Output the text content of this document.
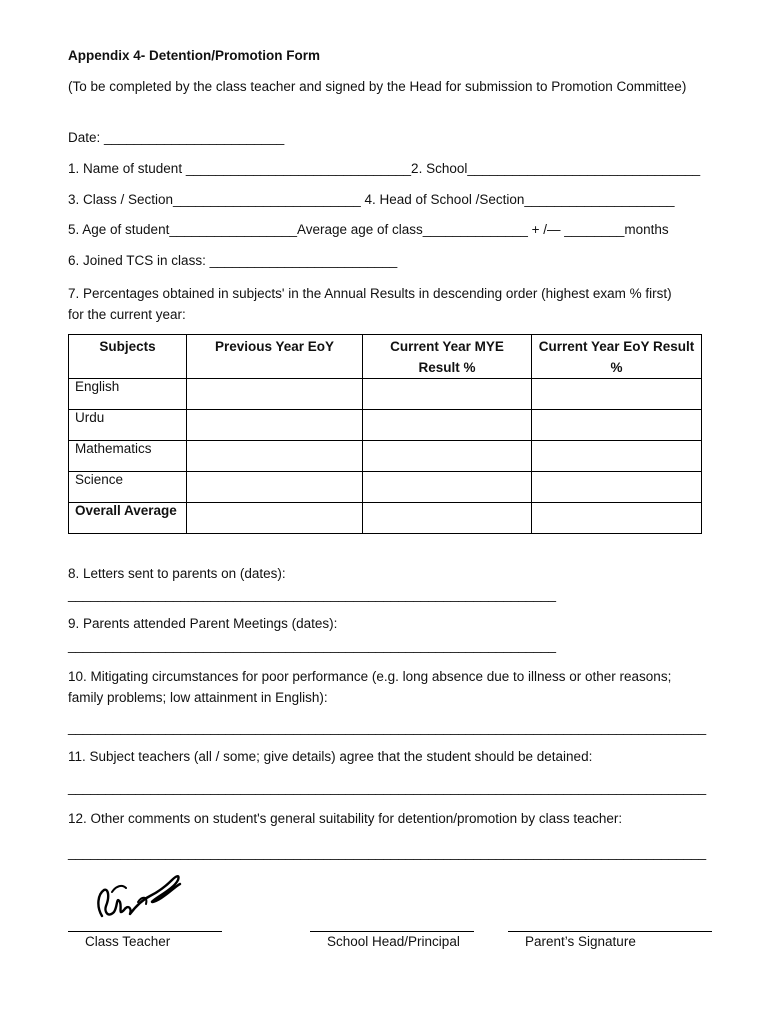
Appendix 4- Detention/Promotion Form
(To be completed by the class teacher and signed by the Head for submission to Promotion Committee)
Date: ________________________
1. Name of student ______________________________2. School_______________________________
3. Class / Section_________________________ 4. Head of School /Section____________________
5. Age of student_________________Average age of class______________ + /— ________months
6. Joined TCS in class: _________________________
7. Percentages obtained in subjects' in the Annual Results in descending order (highest exam % first) for the current year:
Subjects	Previous Year EoY	Current Year MYE Result %	Current Year EoY Result %
English			
Urdu			
Mathematics			
Science			
Overall Average			
8. Letters sent to parents on (dates):
_________________________________________________________________
9. Parents attended Parent Meetings (dates):
_________________________________________________________________
10. Mitigating circumstances for poor performance (e.g. long absence due to illness or other reasons; family problems; low attainment in English):
_____________________________________________________________________________________
11. Subject teachers (all / some; give details) agree that the student should be detained:
_____________________________________________________________________________________
12. Other comments on student's general suitability for detention/promotion by class teacher:
_____________________________________________________________________________________
Class Teacher	School Head/Principal	Parent’s Signature
